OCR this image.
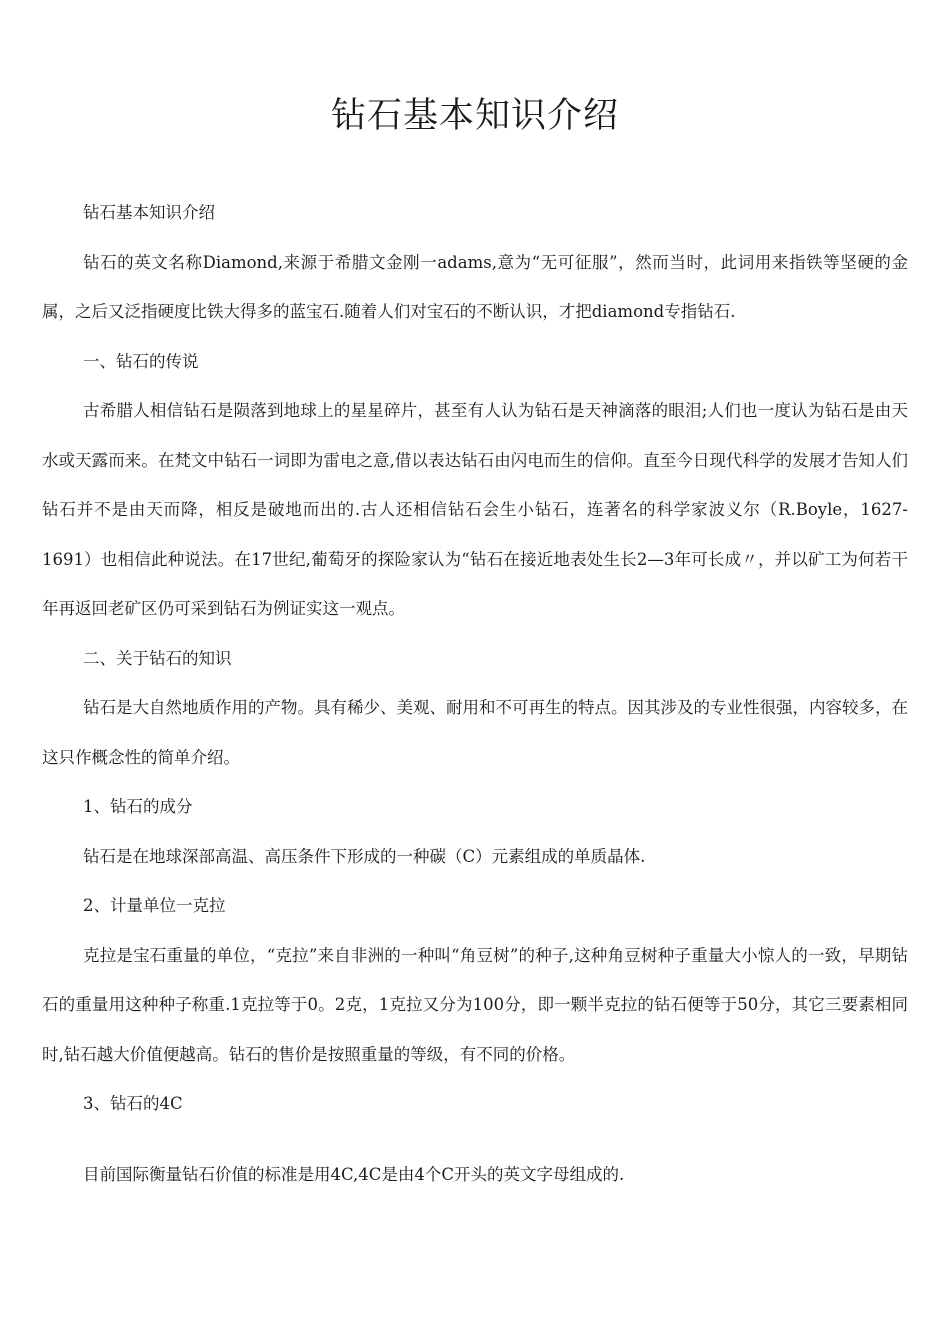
钻石基本知识介绍

钻石基本知识介绍

钻石的英文名称Diamond,来源于希腊文金刚一adams,意为“无可征服”，然而当时，此词用来指铁等坚硬的金属，之后又泛指硬度比铁大得多的蓝宝石.随着人们对宝石的不断认识，才把diamond专指钻石.

一、钻石的传说

古希腊人相信钻石是陨落到地球上的星星碎片，甚至有人认为钻石是天神滴落的眼泪;人们也一度认为钻石是由天水或天露而来。在梵文中钻石一词即为雷电之意,借以表达钻石由闪电而生的信仰。直至今日现代科学的发展才告知人们钻石并不是由天而降，相反是破地而出的.古人还相信钻石会生小钻石，连著名的科学家波义尔（R.Boyle，1627-1691）也相信此种说法。在17世纪,葡萄牙的探险家认为“钻石在接近地表处生长2—3年可长成〃，并以矿工为何若干年再返回老矿区仍可采到钻石为例证实这一观点。

二、关于钻石的知识

钻石是大自然地质作用的产物。具有稀少、美观、耐用和不可再生的特点。因其涉及的专业性很强，内容较多，在这只作概念性的简单介绍。

1、钻石的成分

钻石是在地球深部高温、高压条件下形成的一种碳（C）元素组成的单质晶体.

2、计量单位一克拉

克拉是宝石重量的单位，“克拉”来自非洲的一种叫“角豆树”的种子,这种角豆树种子重量大小惊人的一致，早期钻石的重量用这种种子称重.1克拉等于0。2克，1克拉又分为100分，即一颗半克拉的钻石便等于50分，其它三要素相同时,钻石越大价值便越高。钻石的售价是按照重量的等级，有不同的价格。

3、钻石的4C

目前国际衡量钻石价值的标准是用4C,4C是由4个C开头的英文字母组成的.
